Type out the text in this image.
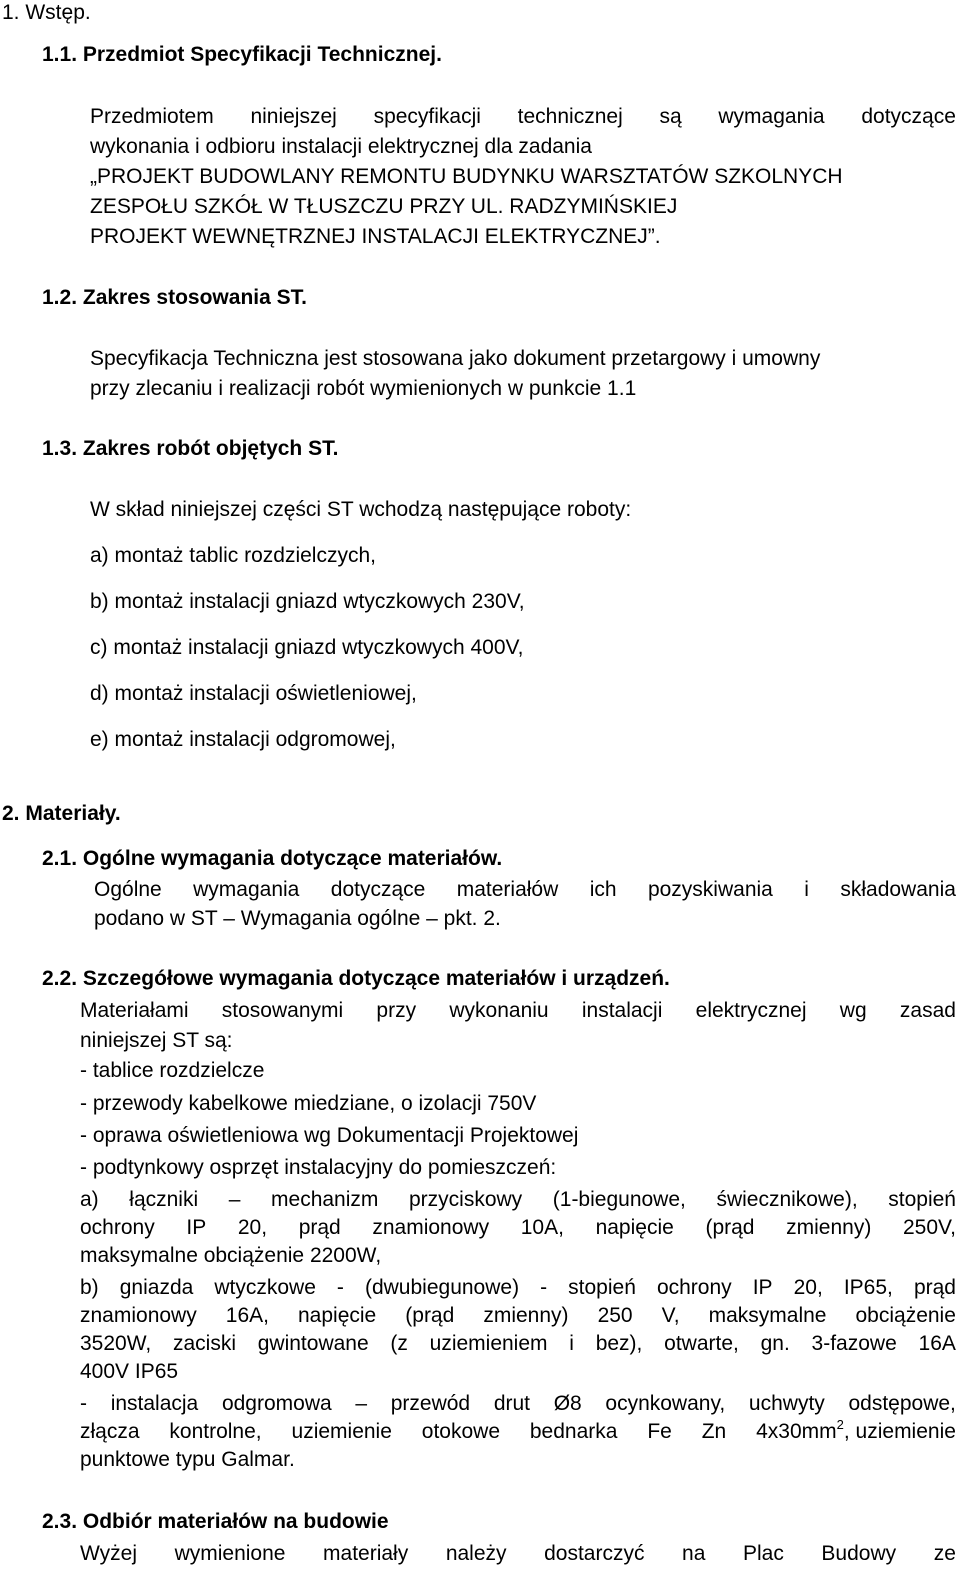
1. Wstęp.
1.1. Przedmiot Specyfikacji Technicznej.
Przedmiotem niniejszej specyfikacji technicznej są wymagania dotyczące
wykonania i odbioru instalacji elektrycznej dla zadania
„PROJEKT BUDOWLANY REMONTU BUDYNKU WARSZTATÓW SZKOLNYCH
ZESPOŁU SZKÓŁ W TŁUSZCZU PRZY UL. RADZYMIŃSKIEJ
PROJEKT WEWNĘTRZNEJ INSTALACJI ELEKTRYCZNEJ”.
1.2. Zakres stosowania ST.
Specyfikacja Techniczna jest stosowana jako dokument przetargowy i umowny
przy zlecaniu i realizacji robót wymienionych w punkcie 1.1
1.3. Zakres robót objętych ST.
W skład niniejszej części ST wchodzą następujące roboty:
a) montaż tablic rozdzielczych,
b) montaż instalacji gniazd wtyczkowych 230V,
c) montaż instalacji gniazd wtyczkowych 400V,
d) montaż instalacji oświetleniowej,
e) montaż instalacji odgromowej,
2. Materiały.
2.1. Ogólne wymagania dotyczące materiałów.
Ogólne wymagania dotyczące materiałów ich pozyskiwania i składowania
podano w ST – Wymagania ogólne – pkt. 2.
2.2. Szczegółowe wymagania dotyczące materiałów i urządzeń.
Materiałami stosowanymi przy wykonaniu instalacji elektrycznej wg zasad
niniejszej ST są:
- tablice rozdzielcze
- przewody kabelkowe miedziane, o izolacji 750V
- oprawa oświetleniowa wg Dokumentacji Projektowej
- podtynkowy osprzęt instalacyjny do pomieszczeń:
a) łączniki – mechanizm przyciskowy (1-biegunowe, świecznikowe), stopień
ochrony IP 20, prąd znamionowy 10A, napięcie (prąd zmienny) 250V,
maksymalne obciążenie 2200W,
b) gniazda wtyczkowe - (dwubiegunowe) - stopień ochrony IP 20, IP65, prąd
znamionowy 16A, napięcie (prąd zmienny) 250 V, maksymalne obciążenie
3520W, zaciski gwintowane (z uziemieniem i bez), otwarte, gn. 3-fazowe 16A
400V IP65
- instalacja odgromowa – przewód drut Ø8 ocynkowany, uchwyty odstępowe,
złącza kontrolne, uziemienie otokowe bednarka Fe Zn $4x30mm^2$, uziemienie
punktowe typu Galmar.
2.3. Odbiór materiałów na budowie
Wyżej wymienione materiały należy dostarczyć na Plac Budowy ze
